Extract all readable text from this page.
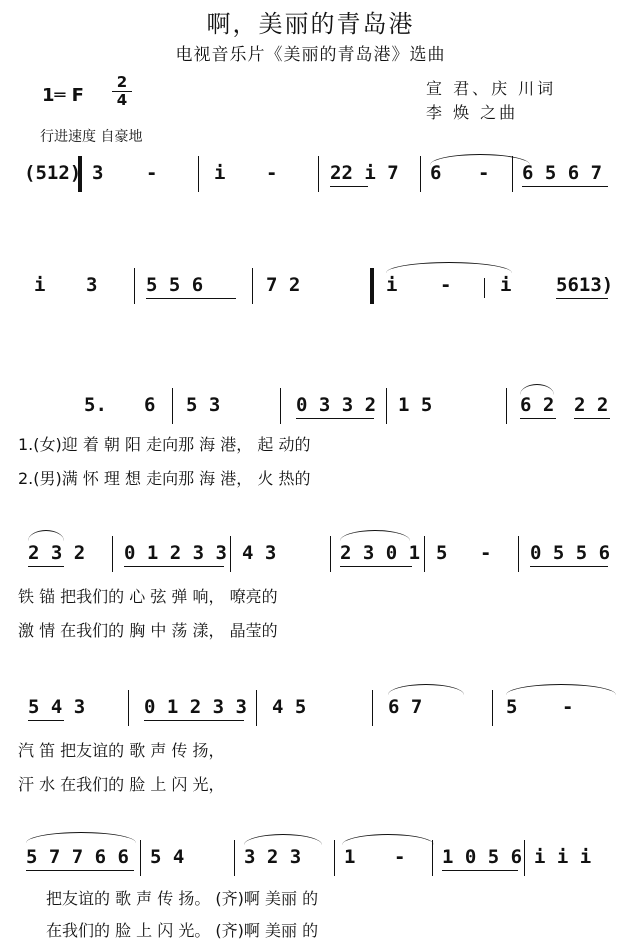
啊，美丽的青岛港
电视音乐片《美丽的青岛港》选曲
1═ F
2
4
宣 君、庆 川词
李 焕 之曲
行进速度 自豪地
(512) 3 -	i -	22 i 7 6 - 6 5 6 7
i 3	5 5 6	7 2	i -	i 5613)
5. 6 5 3	0 3 3 2 1 5	6 2 2 2
1.(女)迎 着 朝 阳 走向那 海 港， 起 动的
2.(男)满 怀 理 想 走向那 海 港， 火 热的
2 3 2 0 1 2 3 3 4 3	2 3 0 1 5 - 0 5 5 6
铁 锚 把我们的 心 弦 弹 响， 嘹亮的
激 情 在我们的 胸 中 荡 漾， 晶莹的
5 4 3	0 1 2 3 3 4 5	6 7	5 -
汽 笛 把友谊的 歌 声 传 扬，
汗 水 在我们的 脸 上 闪 光，
5 7 7 6 6 5 4	3 2 3 1 - 1 0 5 6 i i i
把友谊的 歌 声 传 扬。 (齐)啊 美丽 的
在我们的 脸 上 闪 光。 (齐)啊 美丽 的
